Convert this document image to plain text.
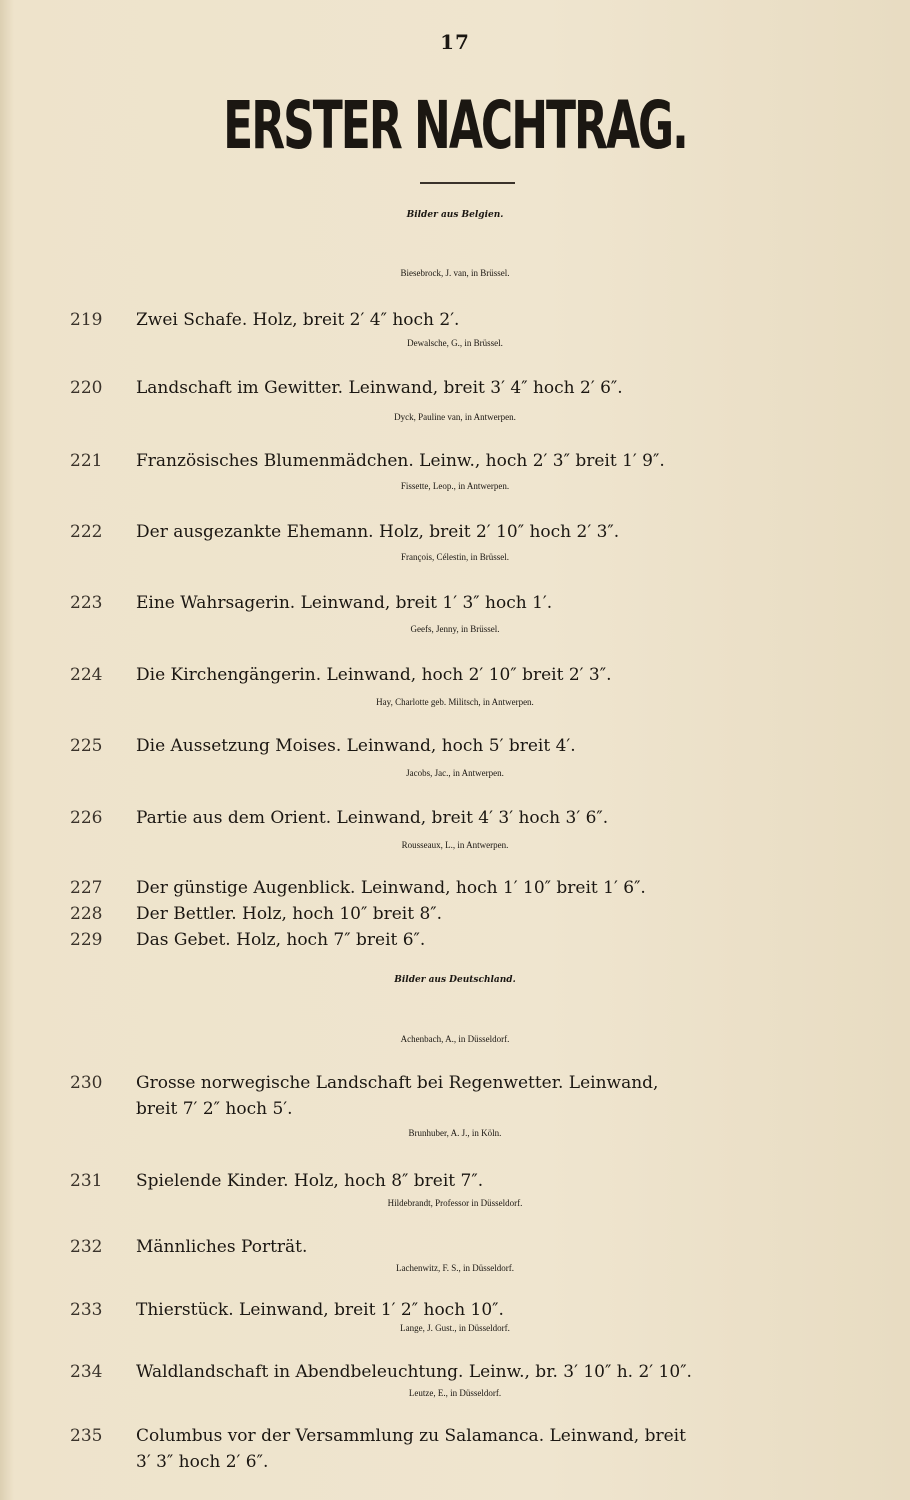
17
ERSTER NACHTRAG.
Bilder aus Belgien.
Biesebrock, J. van, in Brüssel.
219	Zwei Schafe. Holz, breit 2′ 4″ hoch 2′.
Dewalsche, G., in Brüssel.
220	Landschaft im Gewitter. Leinwand, breit 3′ 4″ hoch 2′ 6″.
Dyck, Pauline van, in Antwerpen.
221	Französisches Blumenmädchen. Leinw., hoch 2′ 3″ breit 1′ 9″.
Fissette, Leop., in Antwerpen.
222	Der ausgezankte Ehemann. Holz, breit 2′ 10″ hoch 2′ 3″.
François, Célestin, in Brüssel.
223	Eine Wahrsagerin. Leinwand, breit 1′ 3″ hoch 1′.
Geefs, Jenny, in Brüssel.
224	Die Kirchengängerin. Leinwand, hoch 2′ 10″ breit 2′ 3″.
Hay, Charlotte geb. Militsch, in Antwerpen.
225	Die Aussetzung Moises. Leinwand, hoch 5′ breit 4′.
Jacobs, Jac., in Antwerpen.
226	Partie aus dem Orient. Leinwand, breit 4′ 3′ hoch 3′ 6″.
Rousseaux, L., in Antwerpen.
227	Der günstige Augenblick. Leinwand, hoch 1′ 10″ breit 1′ 6″.
228	Der Bettler. Holz, hoch 10″ breit 8″.
229	Das Gebet. Holz, hoch 7″ breit 6″.
Bilder aus Deutschland.
Achenbach, A., in Düsseldorf.
230	Grosse norwegische Landschaft bei Regenwetter. Leinwand,
breit 7′ 2″ hoch 5′.
Brunhuber, A. J., in Köln.
231	Spielende Kinder. Holz, hoch 8″ breit 7″.
Hildebrandt, Professor in Düsseldorf.
232	Männliches Porträt.
Lachenwitz, F. S., in Düsseldorf.
233	Thierstück. Leinwand, breit 1′ 2″ hoch 10″.
Lange, J. Gust., in Düsseldorf.
234	Waldlandschaft in Abendbeleuchtung. Leinw., br. 3′ 10″ h. 2′ 10″.
Leutze, E., in Düsseldorf.
235	Columbus vor der Versammlung zu Salamanca. Leinwand, breit
3′ 3″ hoch 2′ 6″.
